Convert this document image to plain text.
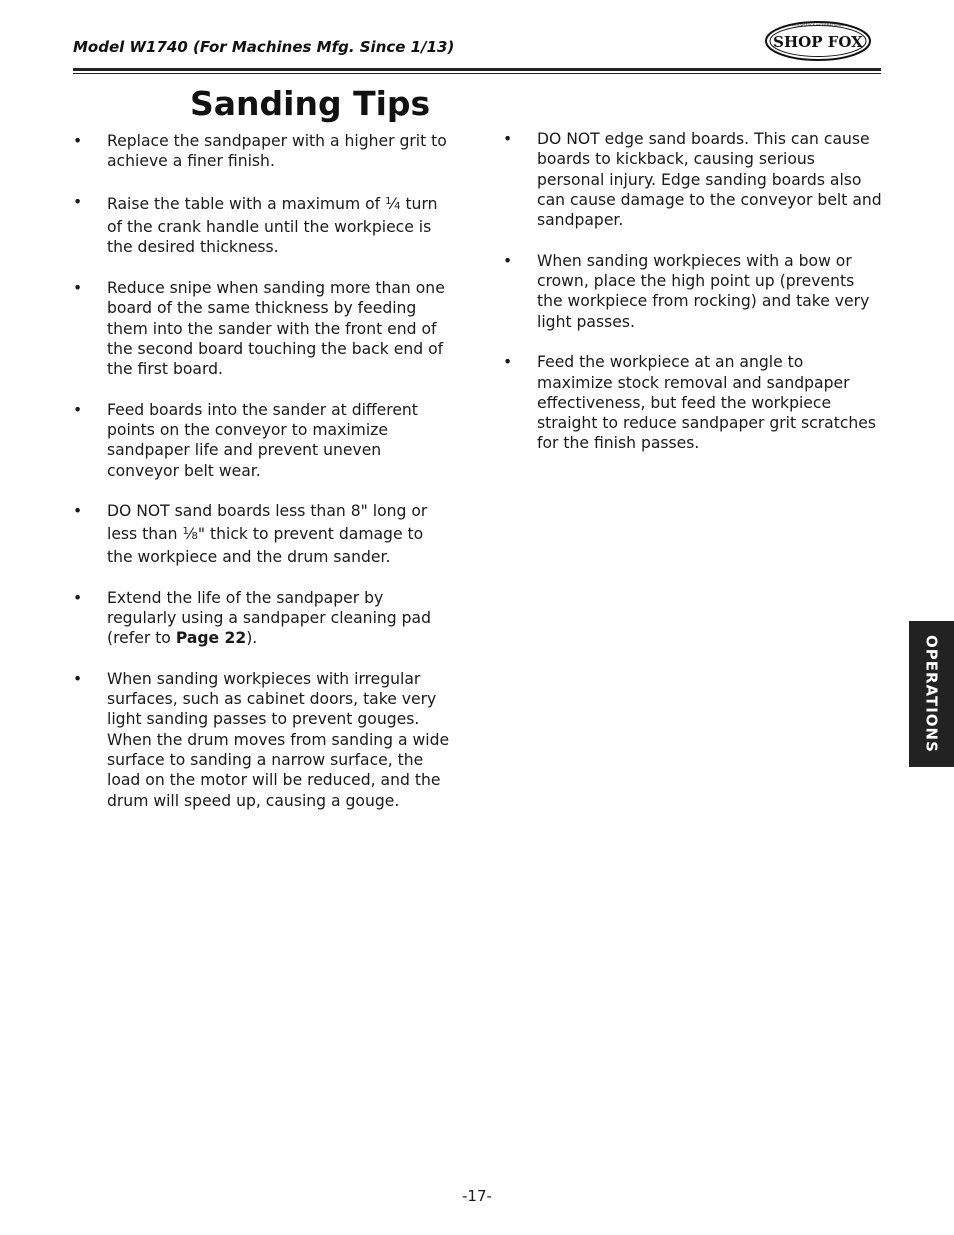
Model W1740 (For Machines Mfg. Since 1/13)	SHOP FOX
WOODSTOCK INTERNATIONAL
Sanding Tips
• Replace the sandpaper with a higher grit to achieve a finer finish.
• Raise the table with a maximum of $^1$⁄4 turn of the crank handle until the workpiece is the desired thickness.
• Reduce snipe when sanding more than one board of the same thickness by feeding them into the sander with the front end of the second board touching the back end of the first board.
• Feed boards into the sander at different points on the conveyor to maximize sandpaper life and prevent uneven conveyor belt wear.
• DO NOT sand boards less than 8" long or less than $^1$⁄8" thick to prevent damage to the workpiece and the drum sander.
• Extend the life of the sandpaper by regularly using a sandpaper cleaning pad (refer to Page 22).
• When sanding workpieces with irregular surfaces, such as cabinet doors, take very light sanding passes to prevent gouges. When the drum moves from sanding a wide surface to sanding a narrow surface, the load on the motor will be reduced, and the drum will speed up, causing a gouge.
• DO NOT edge sand boards. This can cause boards to kickback, causing serious personal injury. Edge sanding boards also can cause damage to the conveyor belt and sandpaper.
• When sanding workpieces with a bow or crown, place the high point up (prevents the workpiece from rocking) and take very light passes.
• Feed the workpiece at an angle to maximize stock removal and sandpaper effectiveness, but feed the workpiece straight to reduce sandpaper grit scratches for the finish passes.
OPERATIONS
-17-
